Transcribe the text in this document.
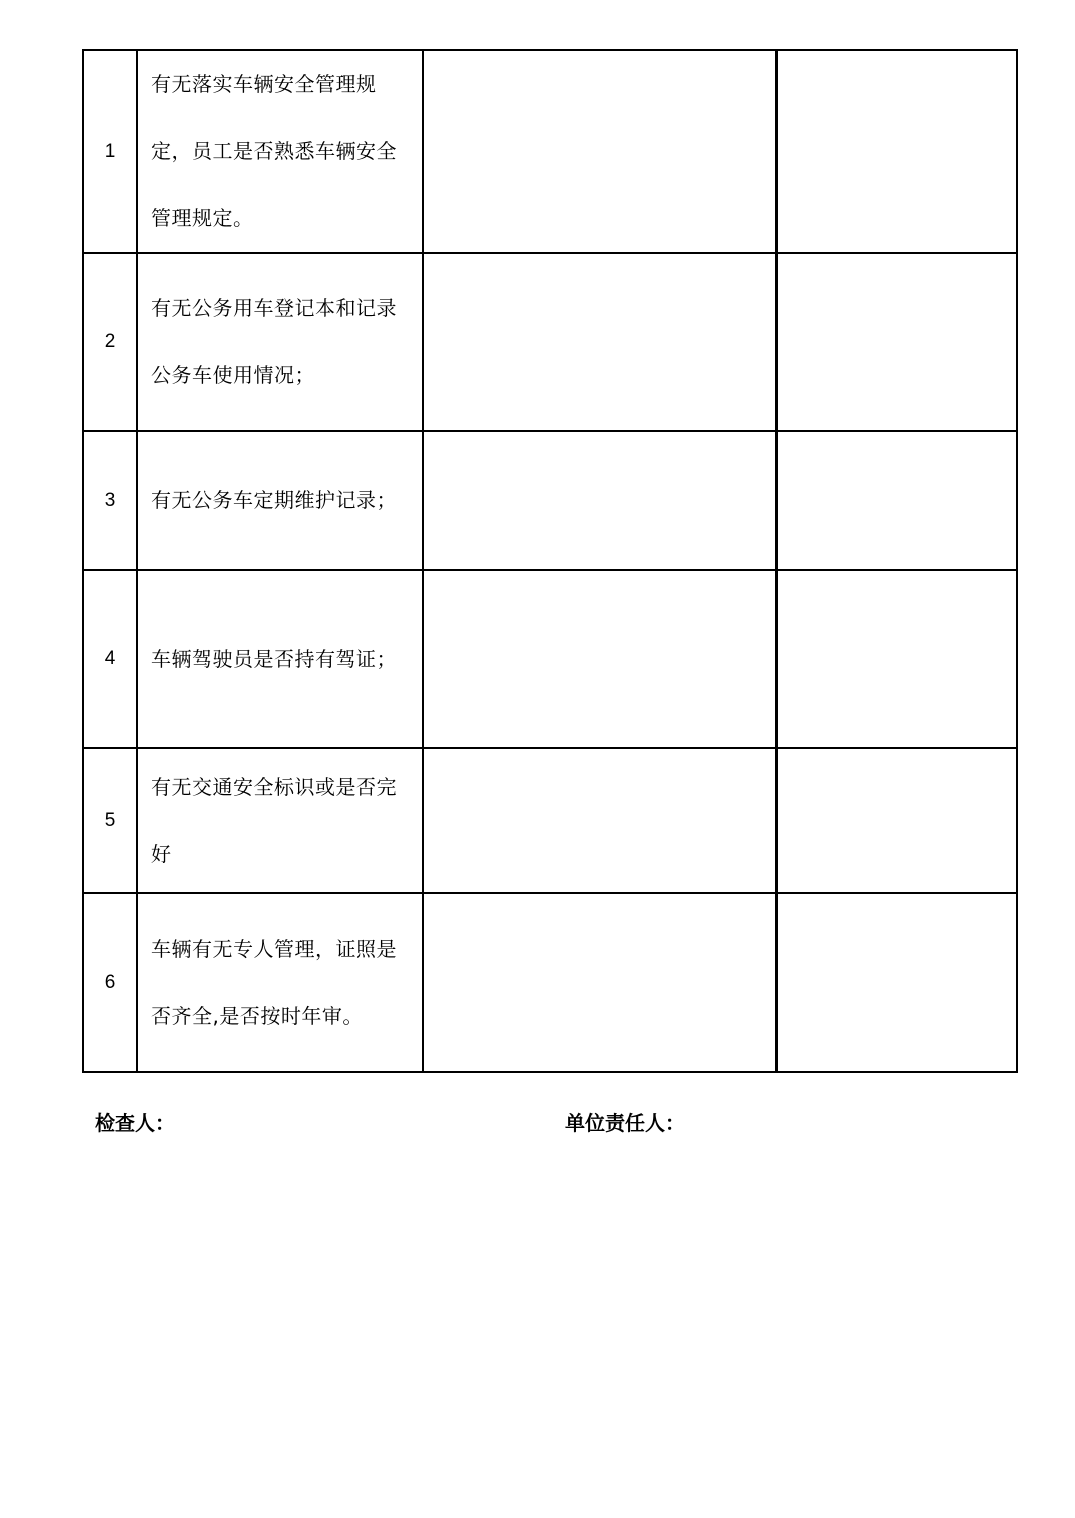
1	有无落实车辆安全管理规定，员工是否熟悉车辆安全管理规定。		
2	有无公务用车登记本和记录公务车使用情况；		
3	有无公务车定期维护记录；		
4	车辆驾驶员是否持有驾证；		
5	有无交通安全标识或是否完好		
6	车辆有无专人管理，证照是否齐全,是否按时年审。		
检查人：	单位责任人：
